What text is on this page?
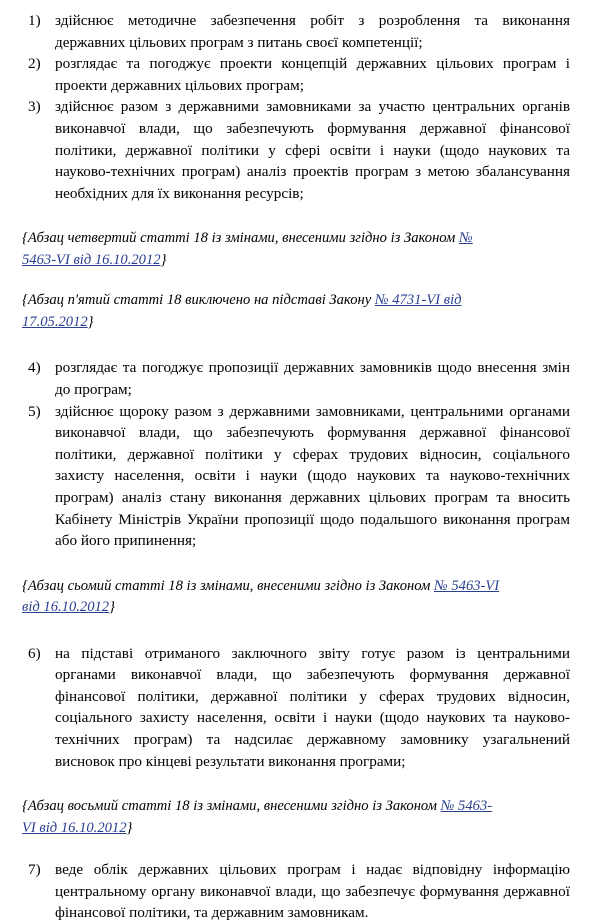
1) здійснює методичне забезпечення робіт з розроблення та виконання державних цільових програм з питань своєї компетенції;
2) розглядає та погоджує проекти концепцій державних цільових програм і проекти державних цільових програм;
3) здійснює разом з державними замовниками за участю центральних органів виконавчої влади, що забезпечують формування державної фінансової політики, державної політики у сфері освіти і науки (щодо наукових та науково-технічних програм) аналіз проектів програм з метою збалансування необхідних для їх виконання ресурсів;
{Абзац четвертий статті 18 із змінами, внесеними згідно із Законом №
5463-VI від 16.10.2012}
{Абзац п'ятий статті 18 виключено на підставі Закону № 4731-VI від
17.05.2012}
4) розглядає та погоджує пропозиції державних замовників щодо внесення змін до програм;
5) здійснює щороку разом з державними замовниками, центральними органами виконавчої влади, що забезпечують формування державної фінансової політики, державної політики у сферах трудових відносин, соціального захисту населення, освіти і науки (щодо наукових та науково-технічних програм) аналіз стану виконання державних цільових програм та вносить Кабінету Міністрів України пропозиції щодо подальшого виконання програм або його припинення;
{Абзац сьомий статті 18 із змінами, внесеними згідно із Законом № 5463-VI
від 16.10.2012}
6) на підставі отриманого заключного звіту готує разом із центральними органами виконавчої влади, що забезпечують формування державної фінансової політики, державної політики у сферах трудових відносин, соціального захисту населення, освіти і науки (щодо наукових та науково-технічних програм) та надсилає державному замовнику узагальнений висновок про кінцеві результати виконання програми;
{Абзац восьмий статті 18 із змінами, внесеними згідно із Законом № 5463-
VI від 16.10.2012}
7) веде облік державних цільових програм і надає відповідну інформацію центральному органу виконавчої влади, що забезпечує формування державної фінансової політики, та державним замовникам.
